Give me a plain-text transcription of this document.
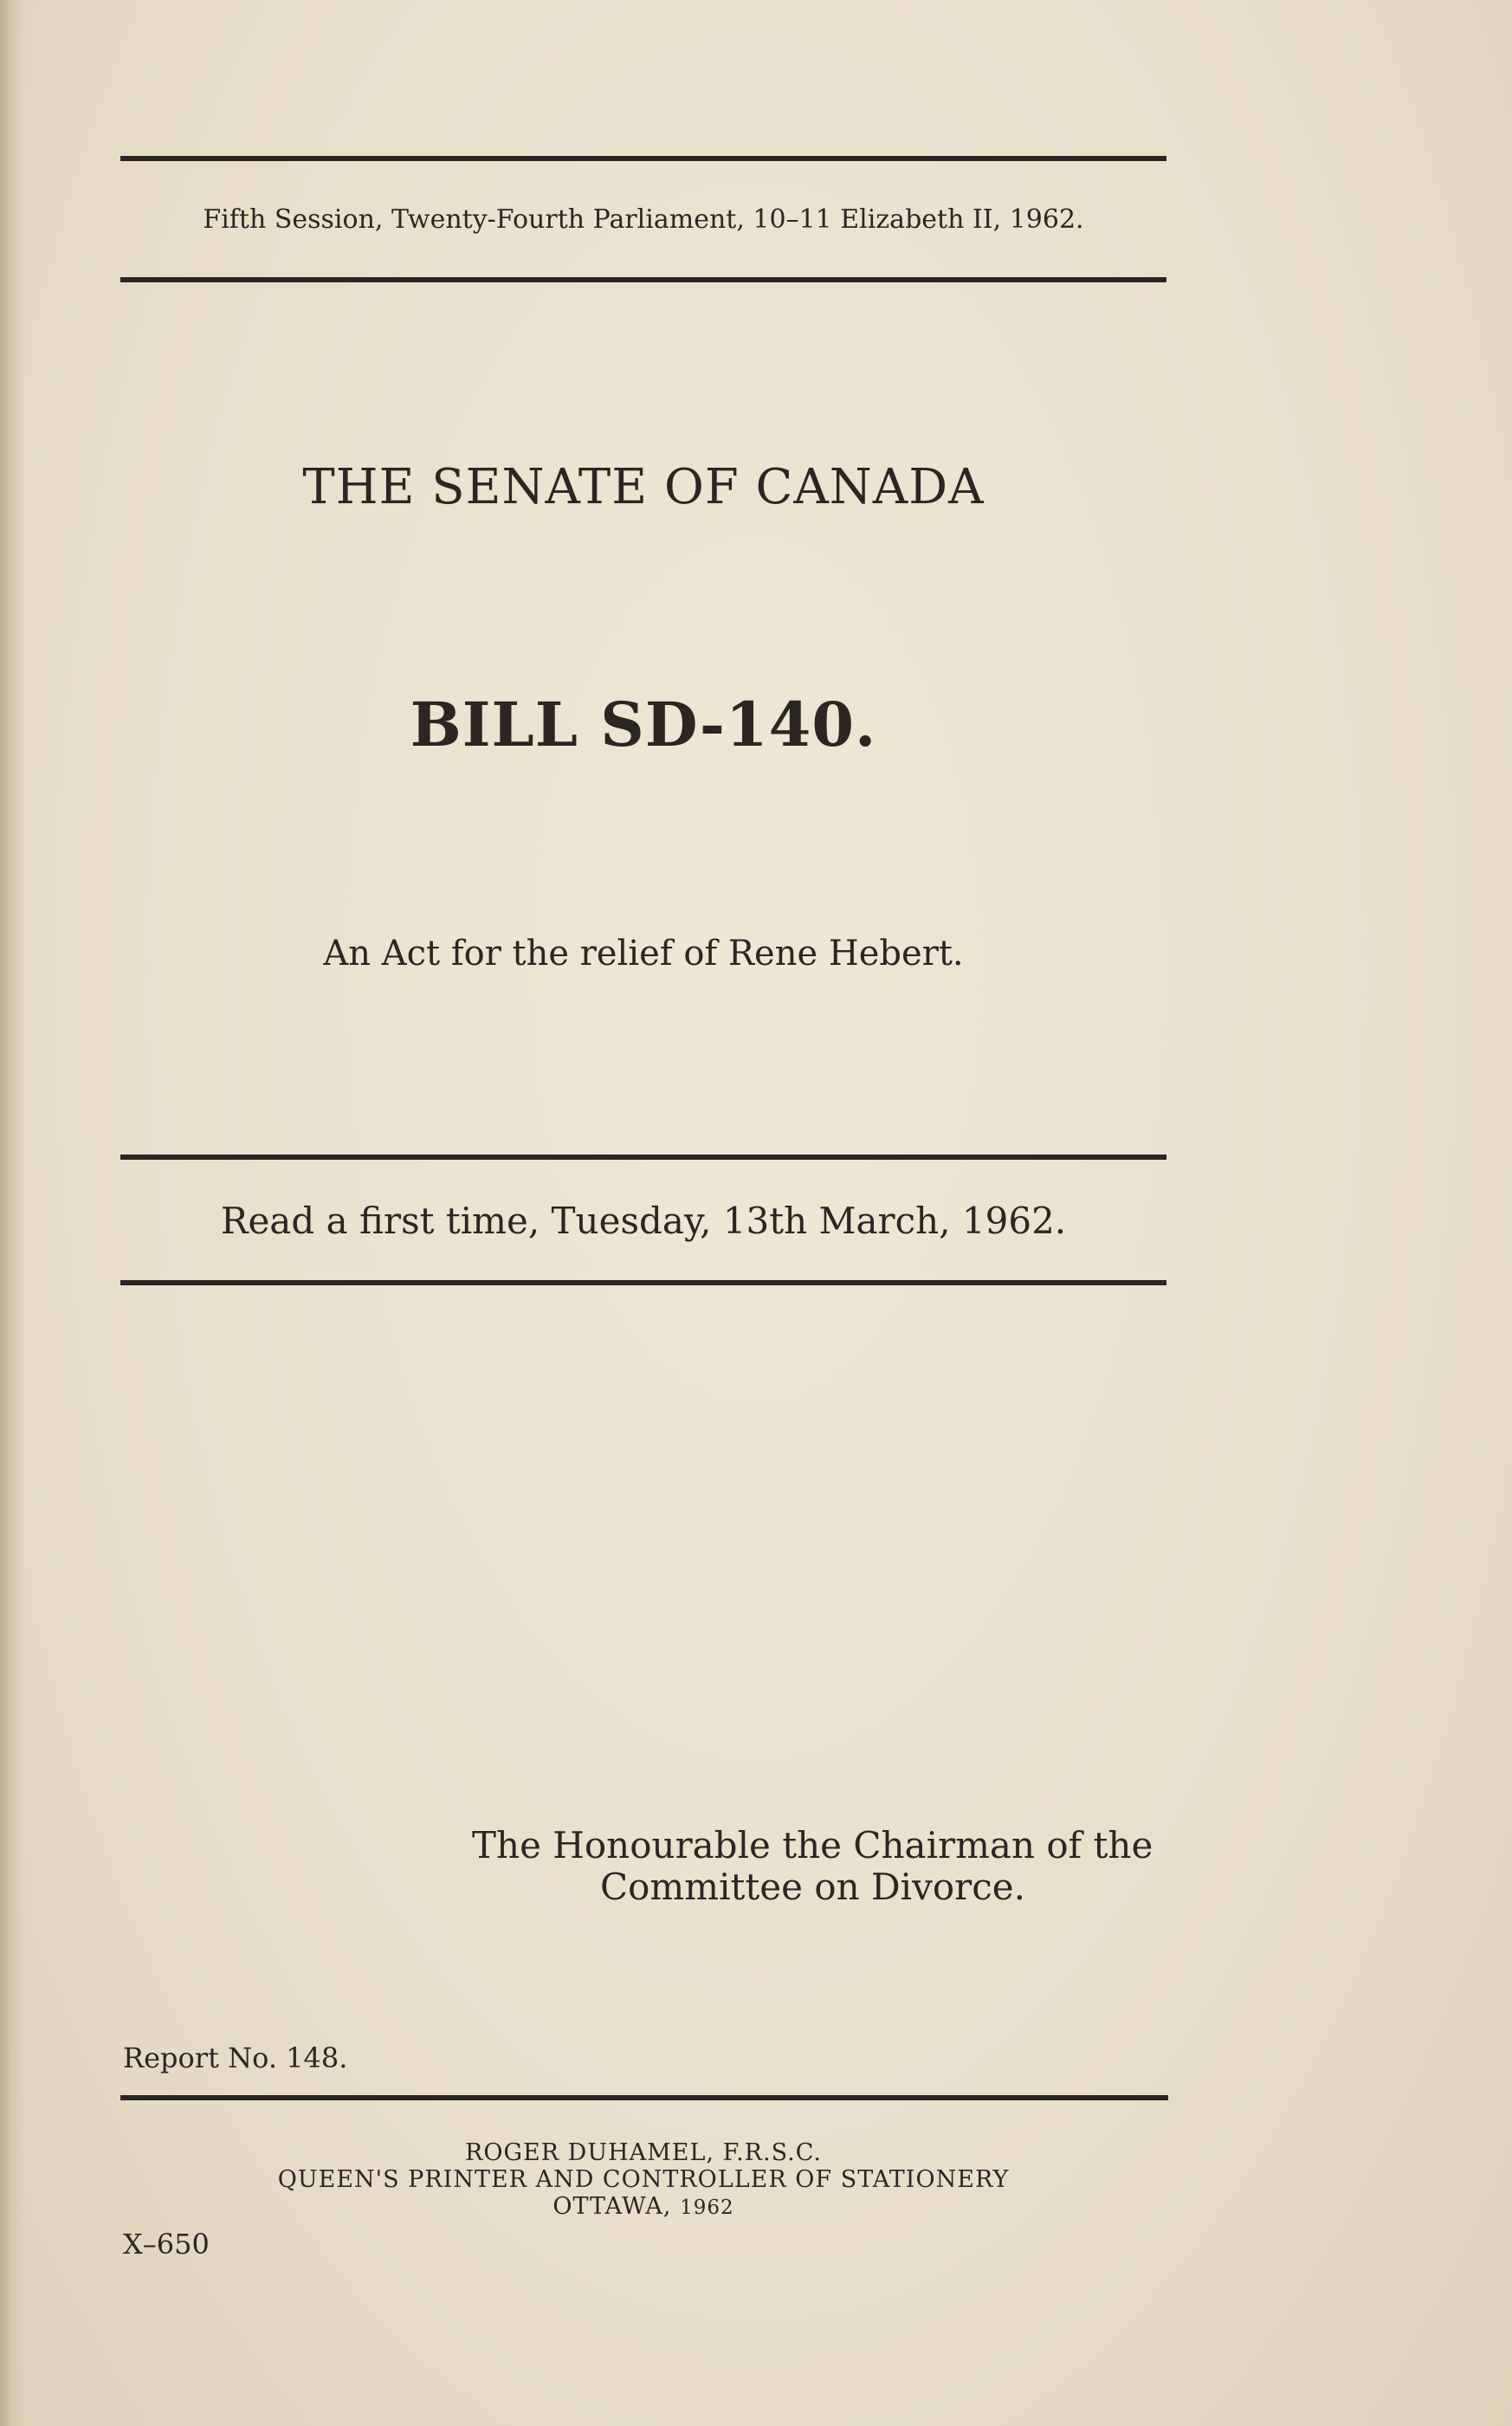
Fifth Session, Twenty-Fourth Parliament, 10–11 Elizabeth II, 1962.
THE SENATE OF CANADA
BILL SD-140.
An Act for the relief of Rene Hebert.
Read a first time, Tuesday, 13th March, 1962.
The Honourable the Chairman of the
Committee on Divorce.
Report No. 148.
ROGER DUHAMEL, F.R.S.C.
QUEEN'S PRINTER AND CONTROLLER OF STATIONERY
OTTAWA, 1962
X–650
